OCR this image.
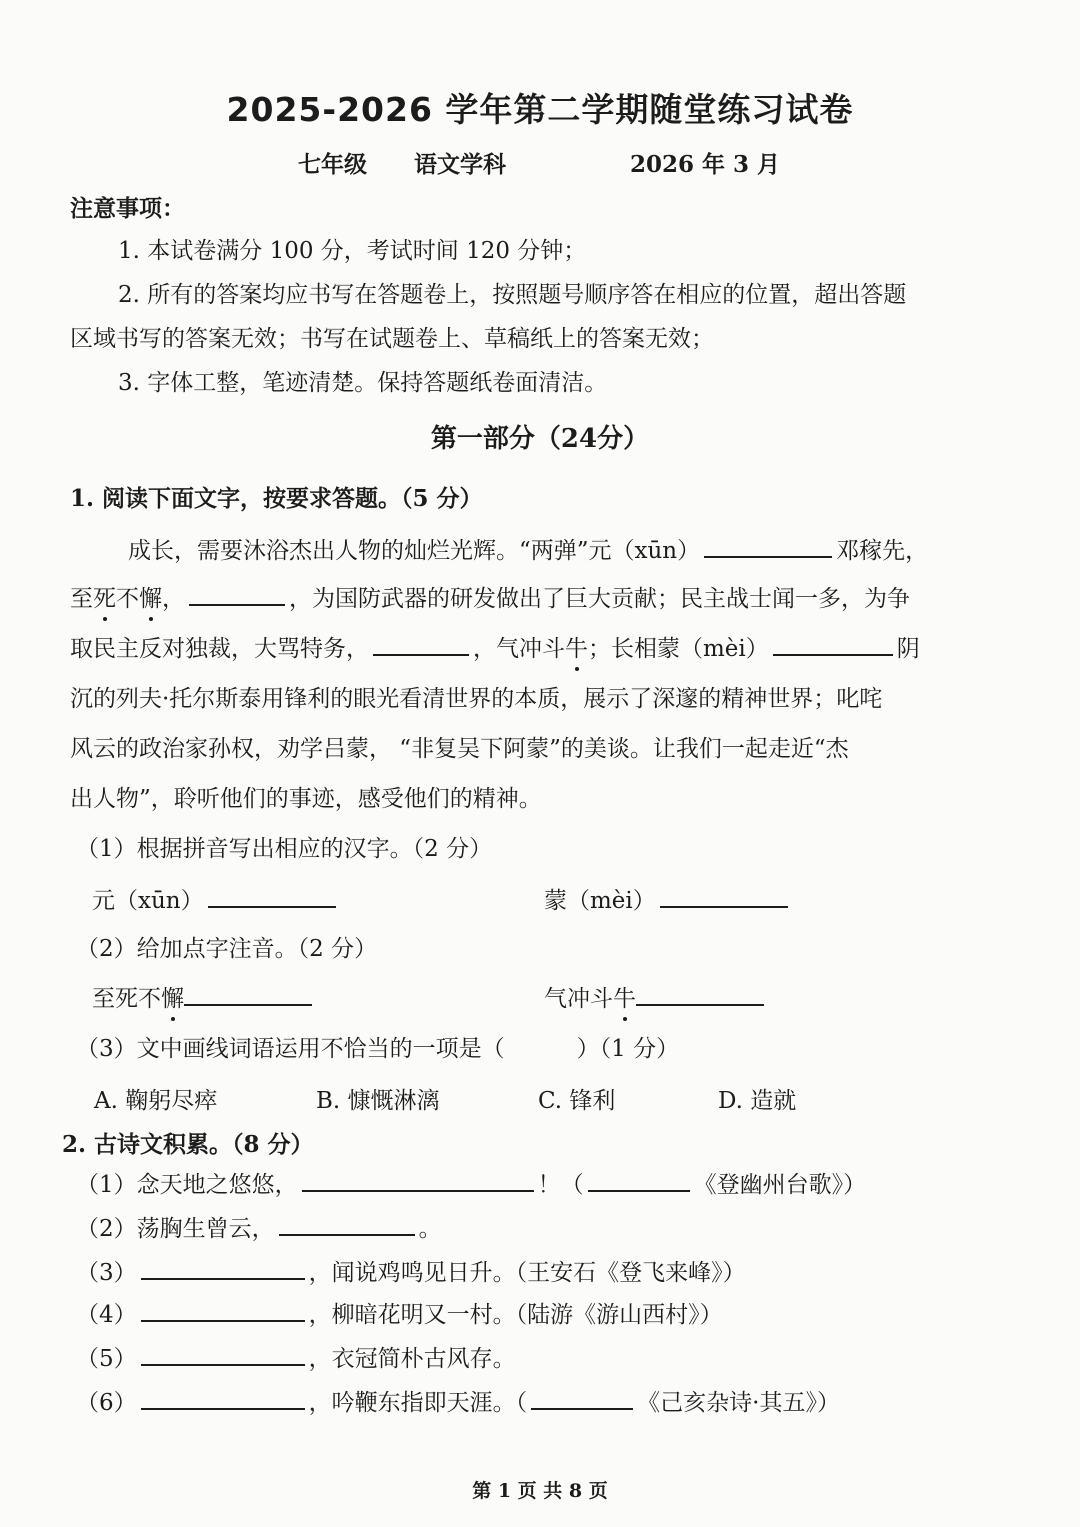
2025-2026 学年第二学期随堂练习试卷
七年级 语文学科	2026 年 3 月
注意事项：
1. 本试卷满分 100 分，考试时间 120 分钟；
2. 所有的答案均应书写在答题卷上，按照题号顺序答在相应的位置，超出答题
区域书写的答案无效；书写在试题卷上、草稿纸上的答案无效；
3. 字体工整，笔迹清楚。保持答题纸卷面清洁。
第一部分（24分）
1. 阅读下面文字，按要求答题。（5 分）
成长，需要沐浴杰出人物的灿烂光辉。“两弹”元（xūn）	邓稼先，
至死不懈，	，为国防武器的研发做出了巨大贡献；民主战士闻一多，为争
取民主反对独裁，大骂特务，	，气冲斗牛；长相蒙（mèi）	阴
沉的列夫·托尔斯泰用锋利的眼光看清世界的本质，展示了深邃的精神世界；叱咤
风云的政治家孙权，劝学吕蒙， “非复吴下阿蒙”的美谈。让我们一起走近“杰
出人物”，聆听他们的事迹，感受他们的精神。
（1）根据拼音写出相应的汉字。（2 分）
元（xūn）	蒙（mèi）
（2）给加点字注音。（2 分）
至死不懈	气冲斗牛
（3）文中画线词语运用不恰当的一项是（	）（1 分）
A. 鞠躬尽瘁	B. 慷慨淋漓	C. 锋利	D. 造就
2. 古诗文积累。（8 分）
（1）念天地之悠悠，	！（	《登幽州台歌》）
（2）荡胸生曾云，	。
（3）	，闻说鸡鸣见日升。（王安石《登飞来峰》）
（4）	，柳暗花明又一村。（陆游《游山西村》）
（5）	，衣冠简朴古风存。
（6）	，吟鞭东指即天涯。（	《己亥杂诗·其五》）
第 1 页 共 8 页
